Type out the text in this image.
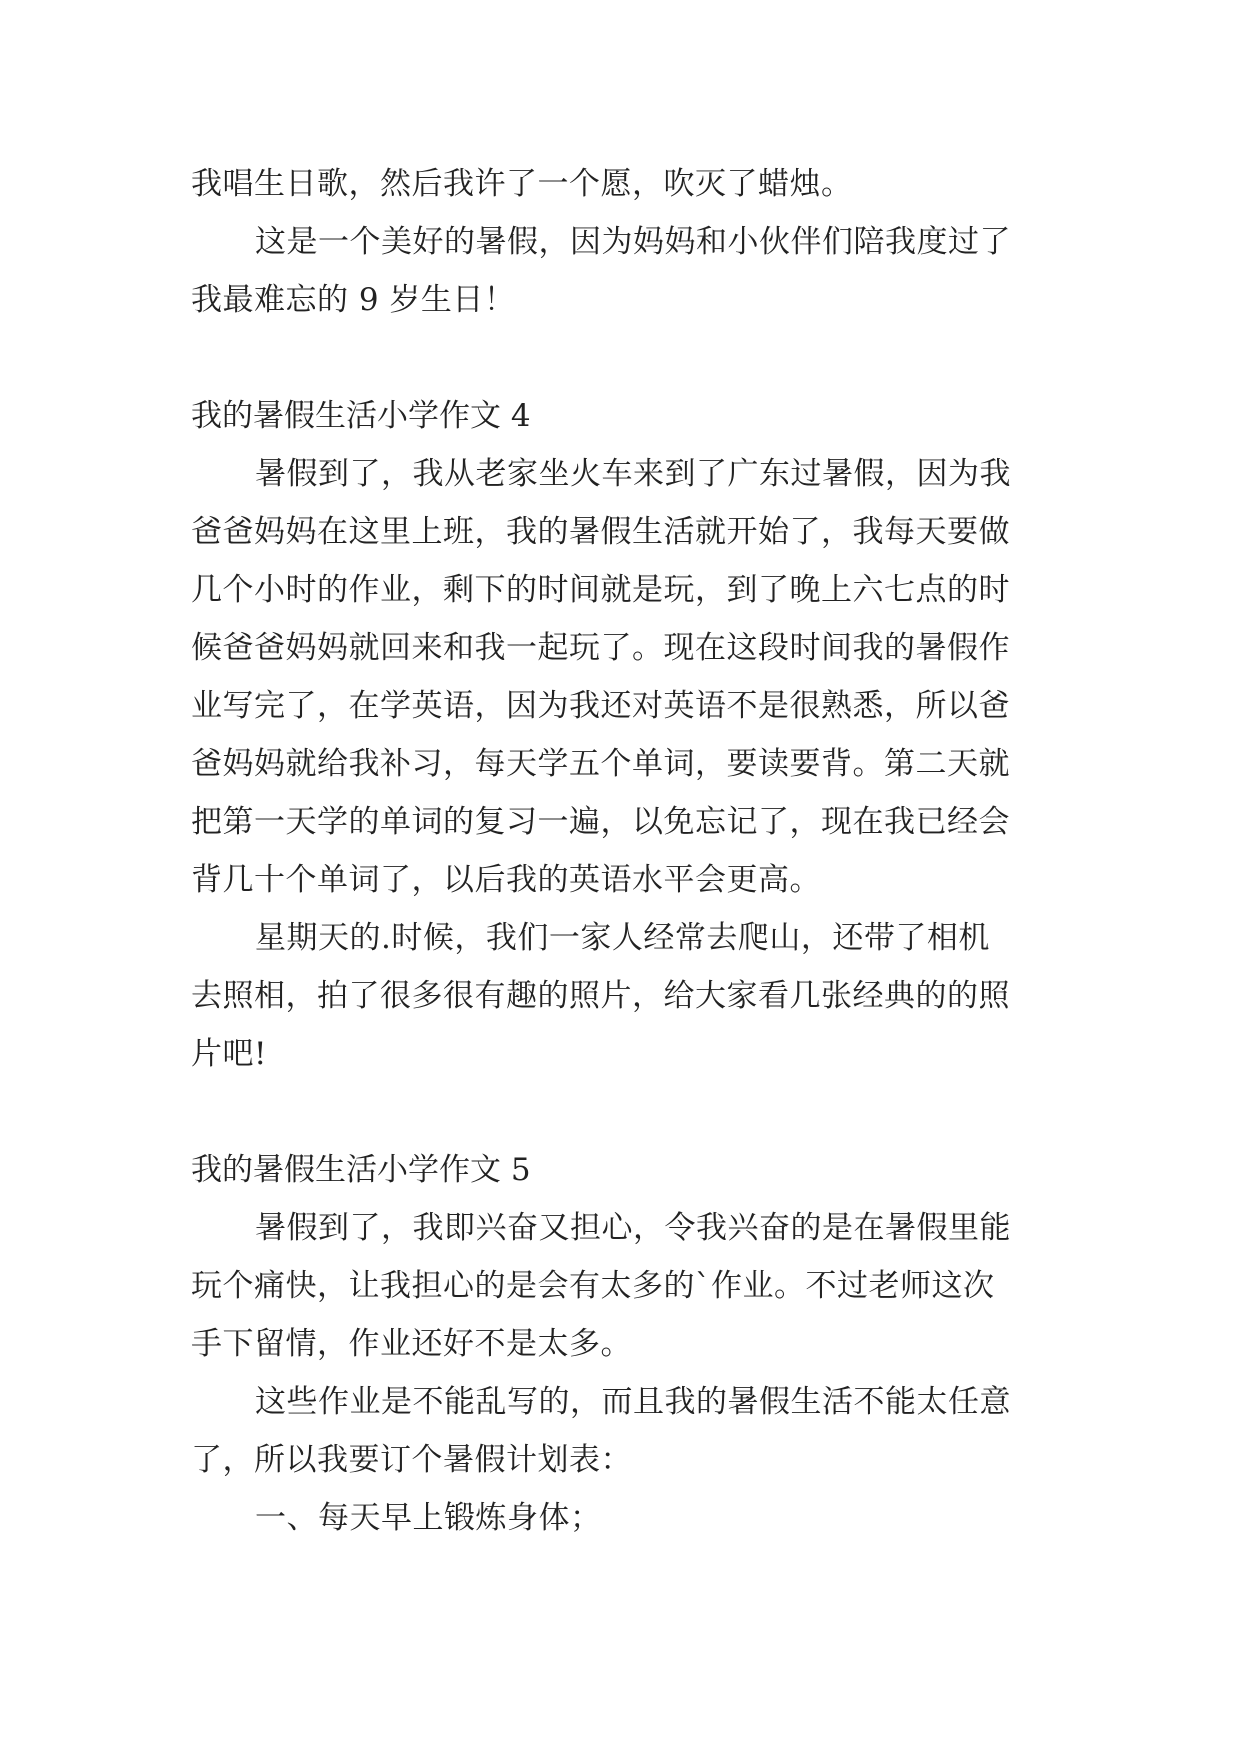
我唱生日歌，然后我许了一个愿，吹灭了蜡烛。
这是一个美好的暑假，因为妈妈和小伙伴们陪我度过了
我最难忘的 9 岁生日！
我的暑假生活小学作文 4
暑假到了，我从老家坐火车来到了广东过暑假，因为我
爸爸妈妈在这里上班，我的暑假生活就开始了，我每天要做
几个小时的作业，剩下的时间就是玩，到了晚上六七点的时
候爸爸妈妈就回来和我一起玩了。现在这段时间我的暑假作
业写完了，在学英语，因为我还对英语不是很熟悉，所以爸
爸妈妈就给我补习，每天学五个单词，要读要背。第二天就
把第一天学的单词的复习一遍，以免忘记了，现在我已经会
背几十个单词了，以后我的英语水平会更高。
星期天的.时候，我们一家人经常去爬山，还带了相机
去照相，拍了很多很有趣的照片，给大家看几张经典的的照
片吧!
我的暑假生活小学作文 5
暑假到了，我即兴奋又担心，令我兴奋的是在暑假里能
玩个痛快，让我担心的是会有太多的`作业。不过老师这次
手下留情，作业还好不是太多。
这些作业是不能乱写的，而且我的暑假生活不能太任意
了，所以我要订个暑假计划表：
一、每天早上锻炼身体；
